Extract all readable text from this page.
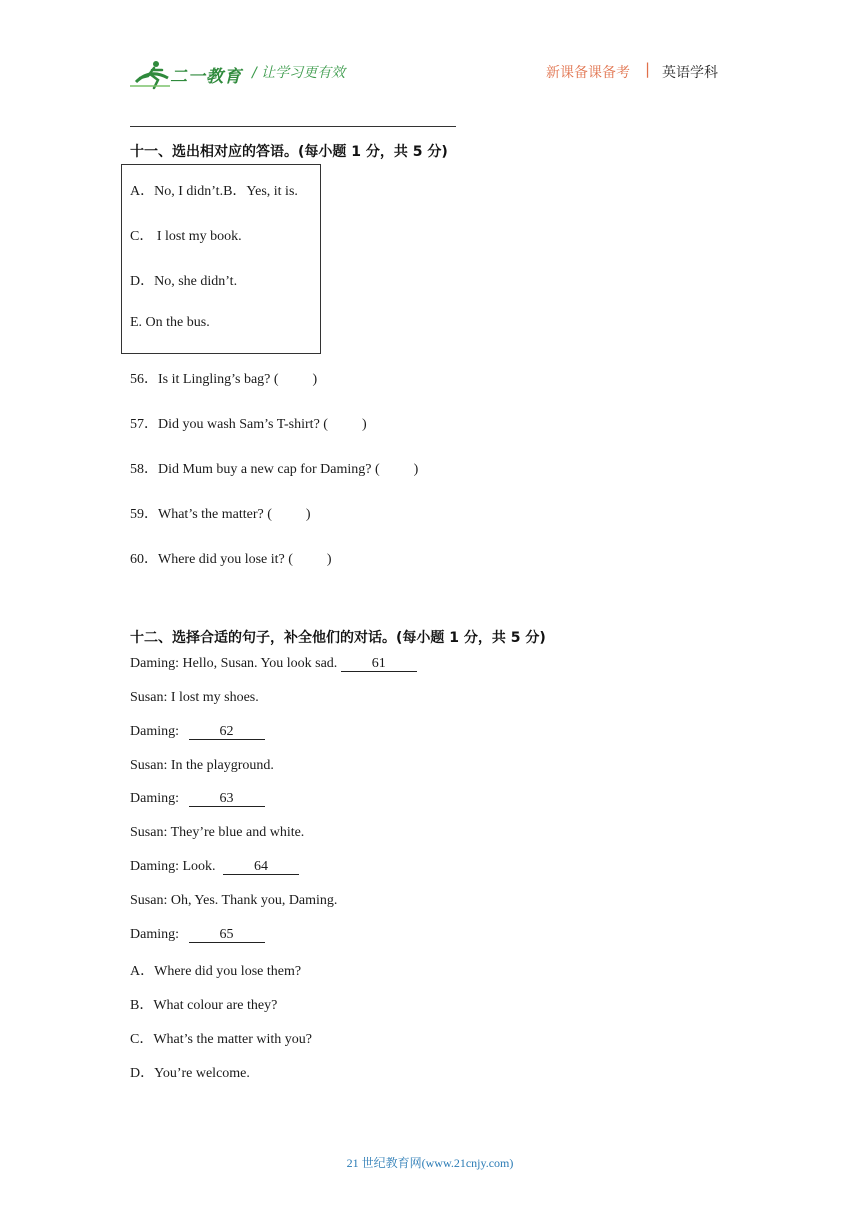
二一教育 / 让学习更有效	新课备课备考 | 英语学科
十一、选出相对应的答语。(每小题 1 分，共 5 分)
A．No, I didn’t.B．Yes, it is.
C． I lost my book.
D．No, she didn’t.
E. On the bus.
56．Is it Lingling’s bag? ( )
57．Did you wash Sam’s T-shirt? ( )
58．Did Mum buy a new cap for Daming? ( )
59．What’s the matter? ( )
60．Where did you lose it? ( )
十二、选择合适的句子，补全他们的对话。(每小题 1 分，共 5 分)
Daming: Hello, Susan. You look sad. 61
Susan: I lost my shoes.
Daming:	62
Susan: In the playground.
Daming:	63
Susan: They’re blue and white.
Daming: Look.	64
Susan: Oh, Yes. Thank you, Daming.
Daming:	65
A．Where did you lose them?
B．What colour are they?
C．What’s the matter with you?
D．You’re welcome.
21 世纪教育网(www.21cnjy.com)
